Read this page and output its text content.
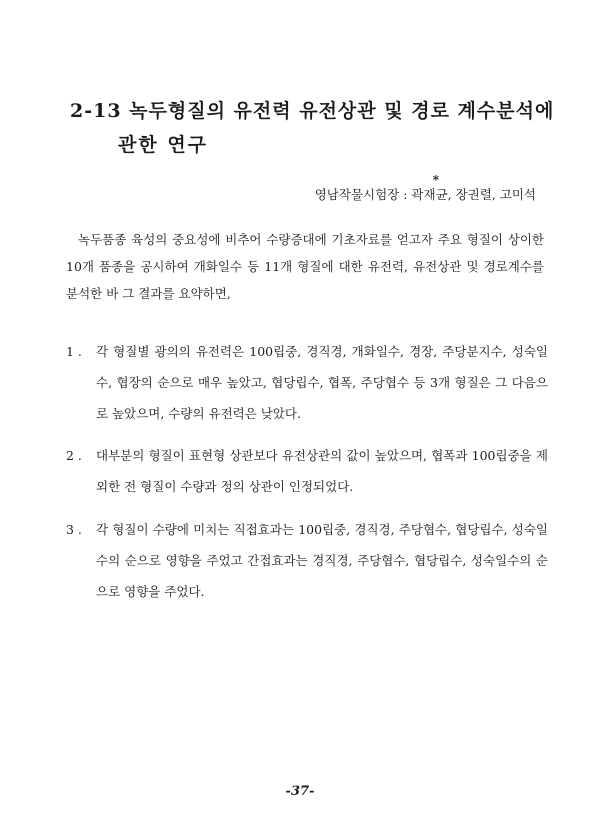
2-13 녹두형질의 유전력 유전상관 및 경로 계수분석에
관한 연구
*
영남작물시험장 : 곽재균, 장권렬, 고미석
녹두품종 육성의 중요성에 비추어 수량증대에 기초자료를 얻고자 주요 형질이 상이한 10개 품종을 공시하여 개화일수 등 11개 형질에 대한 유전력, 유전상관 및 경로계수를 분석한 바 그 결과를 요약하면,
1 . 각 형질별 광의의 유전력은 100립중, 경직경, 개화일수, 경장, 주당분지수, 성숙일수, 협장의 순으로 매우 높았고, 협당립수, 협폭, 주당협수 등 3개 형질은 그 다음으로 높았으며, 수량의 유전력은 낮았다.
2 . 대부분의 형질이 표현형 상관보다 유전상관의 값이 높았으며, 협폭과 100립중을 제외한 전 형질이 수량과 정의 상관이 인정되었다.
3 . 각 형질이 수량에 미치는 직접효과는 100립중, 경직경, 주당협수, 협당립수, 성숙일수의 순으로 영향을 주었고 간접효과는 경직경, 주당협수, 협당립수, 성숙일수의 순으로 영향을 주었다.
-37-
